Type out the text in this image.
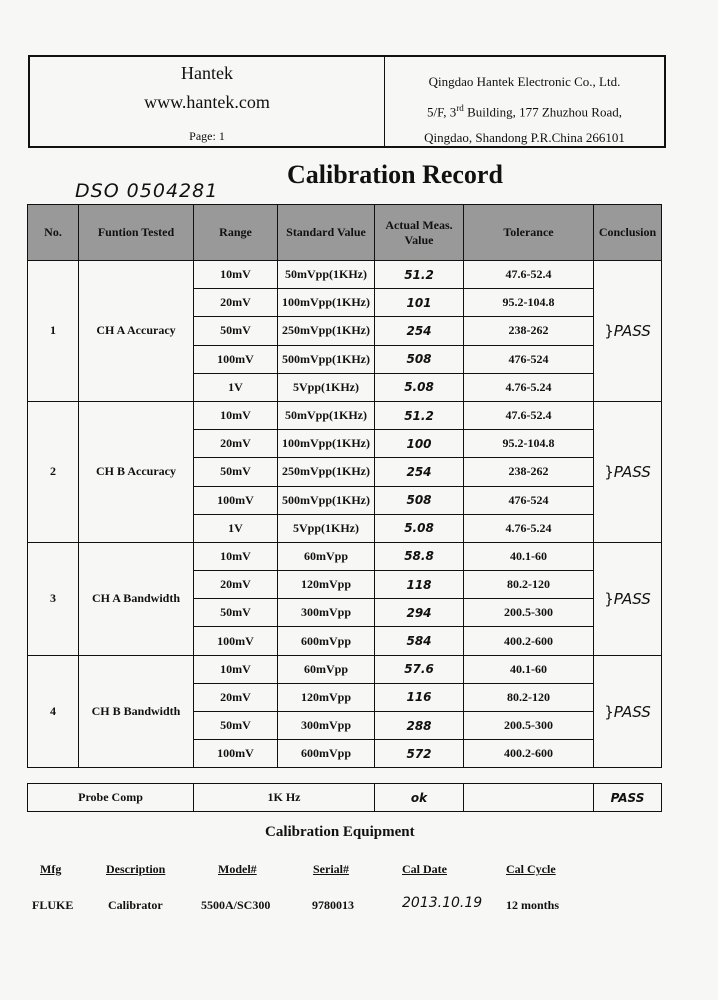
Hantek
www.hantek.com
Page: 1
Qingdao Hantek Electronic Co., Ltd.
5/F, 3rd Building, 177 Zhuzhou Road,
Qingdao, Shandong P.R.China 266101
DSO 0504281
Calibration Record
No.	Funtion Tested	Range	Standard Value	Actual Meas. Value	Tolerance	Conclusion
1	CH A Accuracy	10mV	50mVpp(1KHz)	51.2	47.6-52.4	}PASS
		20mV	100mVpp(1KHz)	101	95.2-104.8	
		50mV	250mVpp(1KHz)	254	238-262	
		100mV	500mVpp(1KHz)	508	476-524	
		1V	5Vpp(1KHz)	5.08	4.76-5.24	
2	CH B Accuracy	10mV	50mVpp(1KHz)	51.2	47.6-52.4	}PASS
		20mV	100mVpp(1KHz)	100	95.2-104.8	
		50mV	250mVpp(1KHz)	254	238-262	
		100mV	500mVpp(1KHz)	508	476-524	
		1V	5Vpp(1KHz)	5.08	4.76-5.24	
3	CH A Bandwidth	10mV	60mVpp	58.8	40.1-60	}PASS
		20mV	120mVpp	118	80.2-120	
		50mV	300mVpp	294	200.5-300	
		100mV	600mVpp	584	400.2-600	
4	CH B Bandwidth	10mV	60mVpp	57.6	40.1-60	}PASS
		20mV	120mVpp	116	80.2-120	
		50mV	300mVpp	288	200.5-300	
		100mV	600mVpp	572	400.2-600	
Probe Comp	1K Hz	ok		PASS
Calibration Equipment
Mfg	Description	Model#	Serial#	Cal Date	Cal Cycle
FLUKE	Calibrator	5500A/SC300	9780013	2013.10.19 12 months
